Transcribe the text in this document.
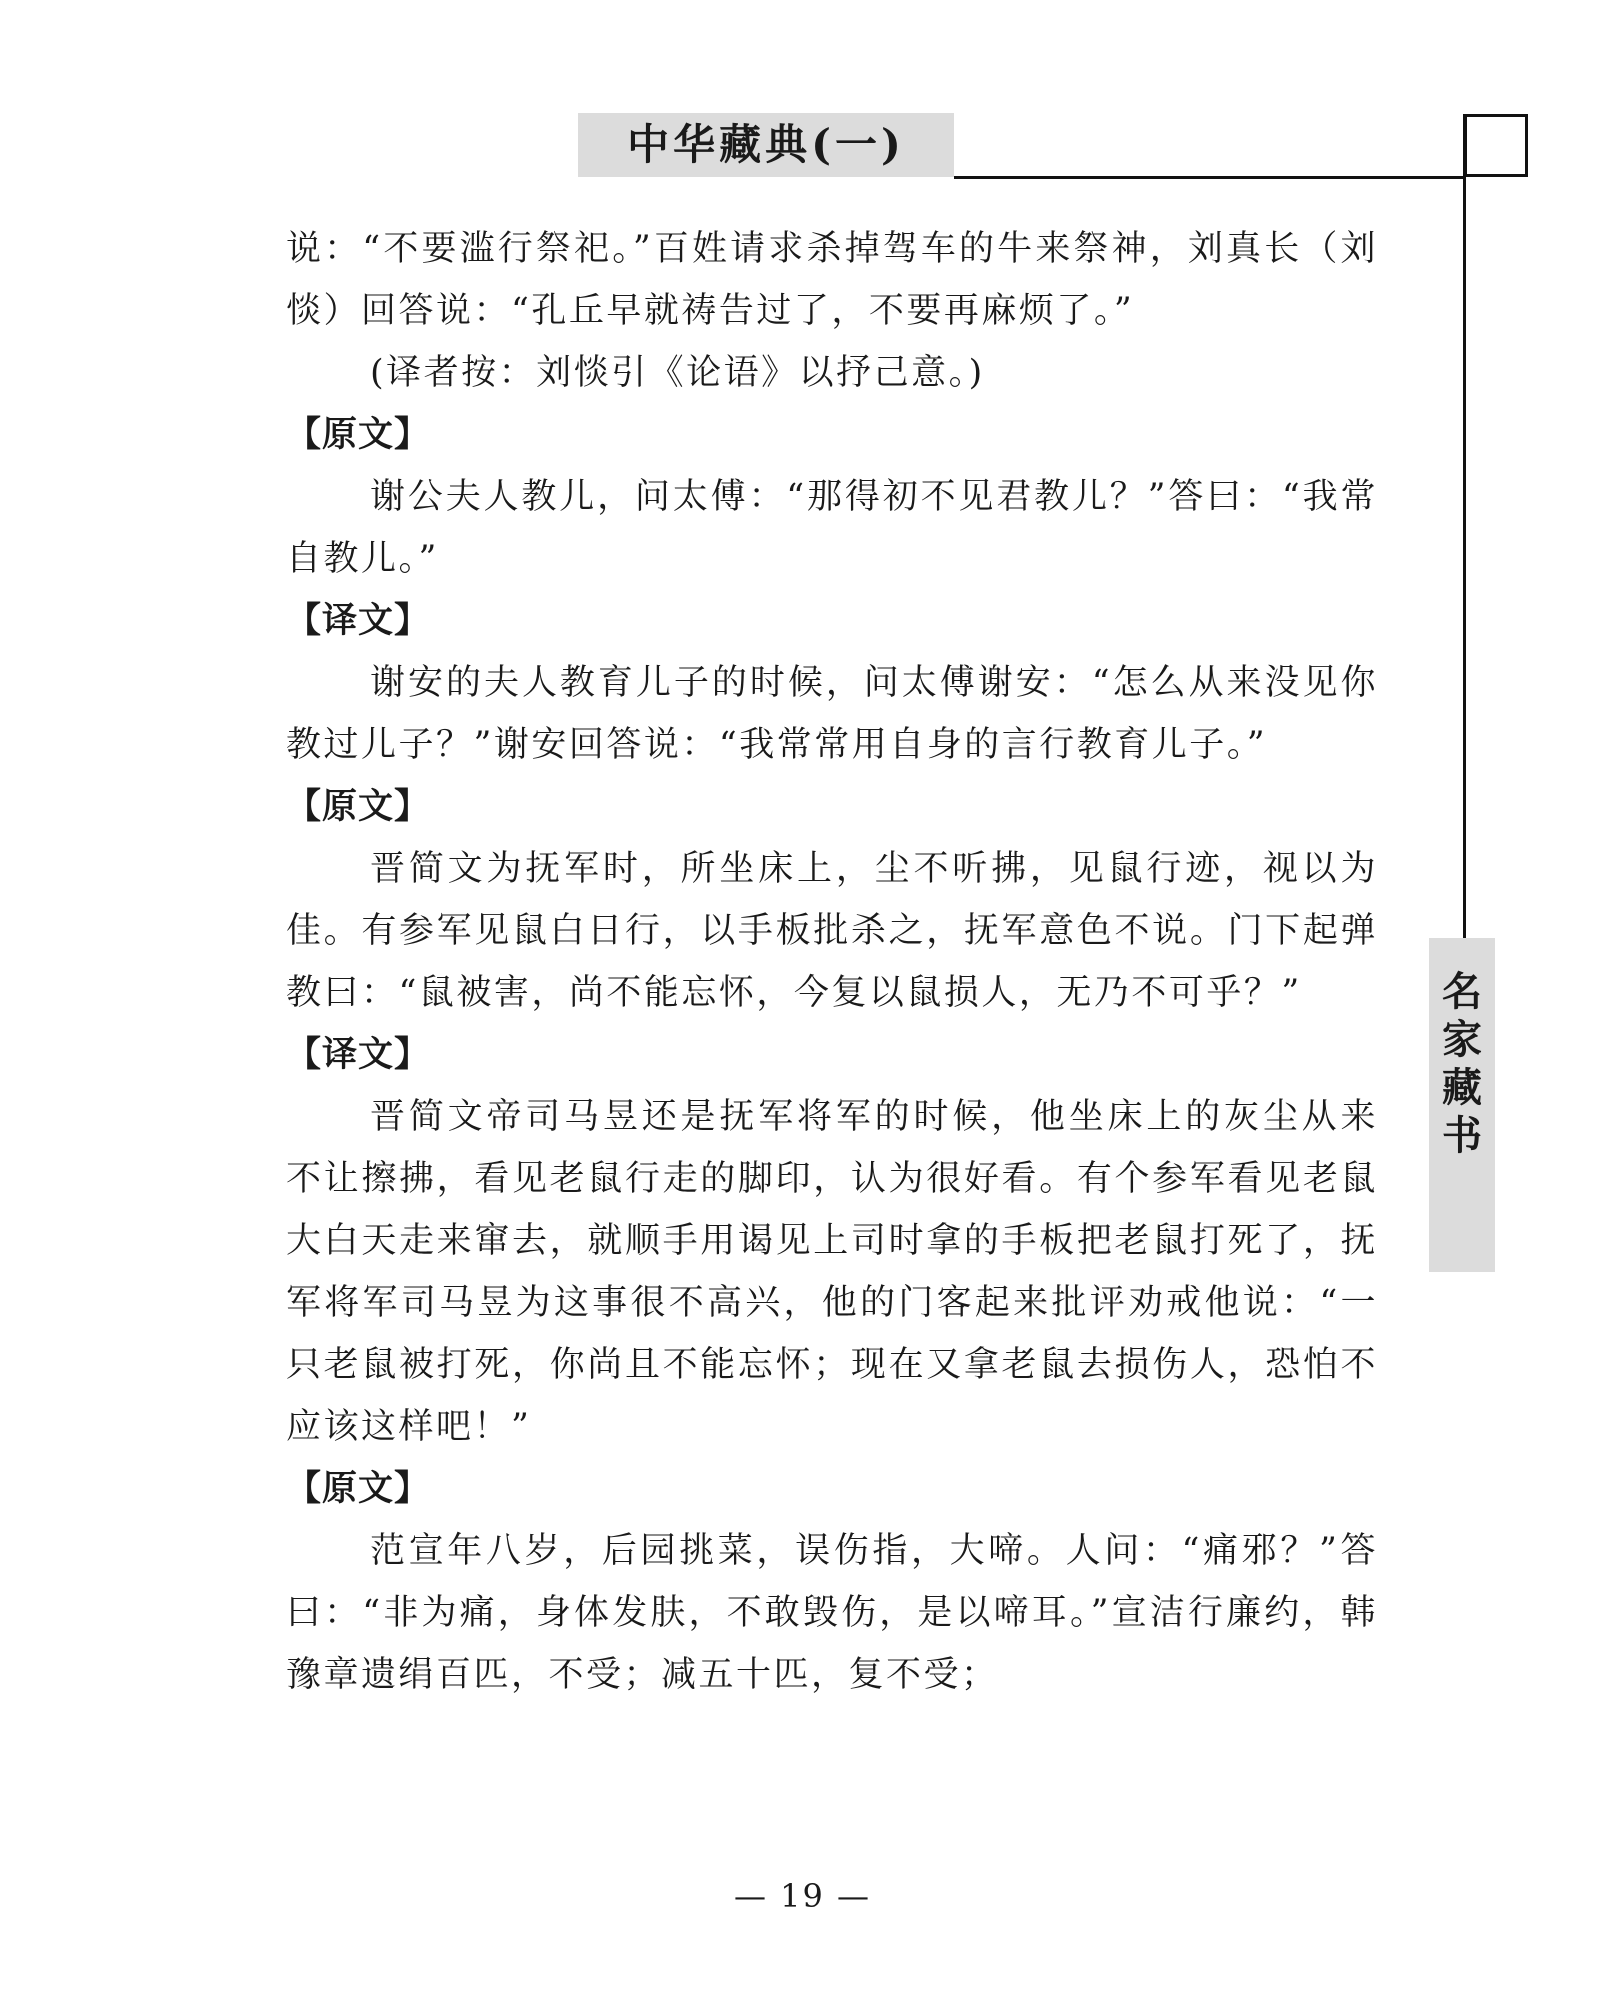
中华藏典(一)
名家藏书

说：“不要滥行祭祀。”百姓请求杀掉驾车的牛来祭神，刘真长（刘惔）回答说：“孔丘早就祷告过了，不要再麻烦了。”

(译者按：刘惔引《论语》以抒己意。)

【原文】

谢公夫人教儿，问太傅：“那得初不见君教儿？”答曰：“我常自教儿。”

【译文】

谢安的夫人教育儿子的时候，问太傅谢安：“怎么从来没见你教过儿子？”谢安回答说：“我常常用自身的言行教育儿子。”

【原文】

晋简文为抚军时，所坐床上，尘不听拂，见鼠行迹，视以为佳。有参军见鼠白日行，以手板批杀之，抚军意色不说。门下起弹教曰：“鼠被害，尚不能忘怀，今复以鼠损人，无乃不可乎？”

【译文】

晋简文帝司马昱还是抚军将军的时候，他坐床上的灰尘从来不让擦拂，看见老鼠行走的脚印，认为很好看。有个参军看见老鼠大白天走来窜去，就顺手用谒见上司时拿的手板把老鼠打死了，抚军将军司马昱为这事很不高兴，他的门客起来批评劝戒他说：“一只老鼠被打死，你尚且不能忘怀；现在又拿老鼠去损伤人，恐怕不应该这样吧！”

【原文】

范宣年八岁，后园挑菜，误伤指，大啼。人问：“痛邪？”答曰：“非为痛，身体发肤，不敢毁伤，是以啼耳。”宣洁行廉约，韩豫章遗绢百匹，不受；减五十匹，复不受；

— 19 —
